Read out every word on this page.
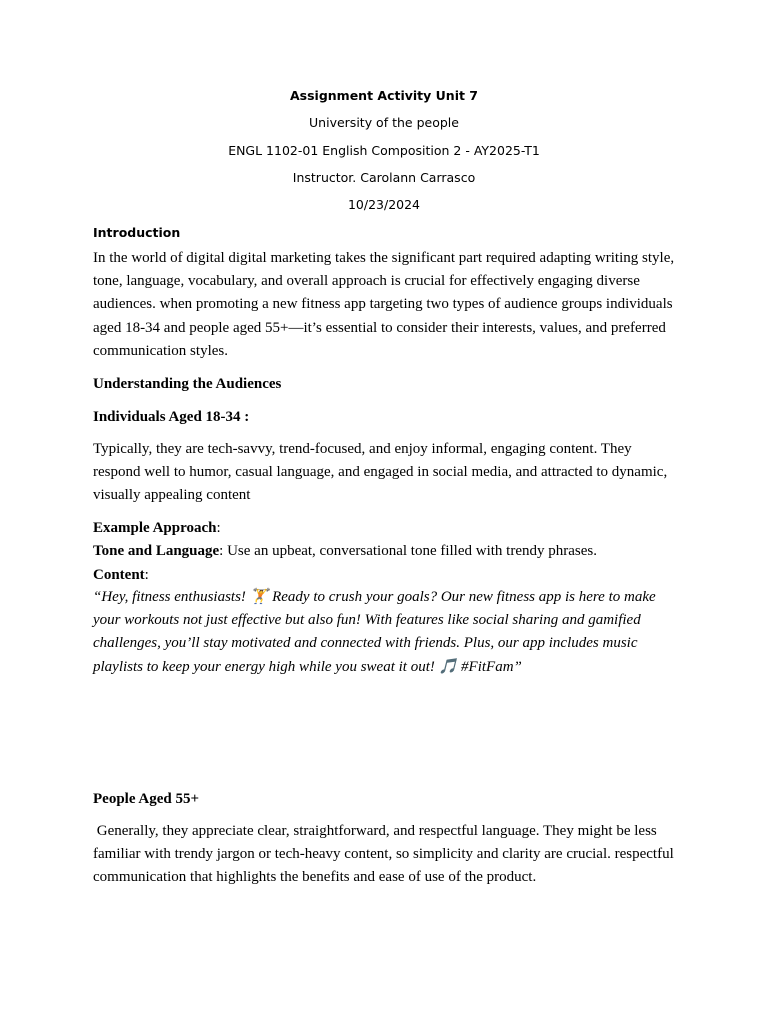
Assignment Activity Unit 7
University of the people
ENGL 1102-01 English Composition 2 - AY2025-T1
Instructor. Carolann Carrasco
10/23/2024
Introduction
In the world of digital digital marketing takes the significant part required adapting writing style, tone, language, vocabulary, and overall approach is crucial for effectively engaging diverse audiences. when promoting a new fitness app targeting two types of audience groups individuals aged 18-34 and people aged 55+—it’s essential to consider their interests, values, and preferred communication styles.
Understanding the Audiences
Individuals Aged 18-34 :
Typically, they are tech-savvy, trend-focused, and enjoy informal, engaging content. They respond well to humor, casual language, and engaged in social media, and attracted to dynamic, visually appealing content
Example Approach:
Tone and Language: Use an upbeat, conversational tone filled with trendy phrases.
Content:
“Hey, fitness enthusiasts! 🏋 Ready to crush your goals? Our new fitness app is here to make your workouts not just effective but also fun! With features like social sharing and gamified challenges, you’ll stay motivated and connected with friends. Plus, our app includes music playlists to keep your energy high while you sweat it out! 🎵 #FitFam”
People Aged 55+
Generally, they appreciate clear, straightforward, and respectful language. They might be less familiar with trendy jargon or tech-heavy content, so simplicity and clarity are crucial. respectful communication that highlights the benefits and ease of use of the product.
